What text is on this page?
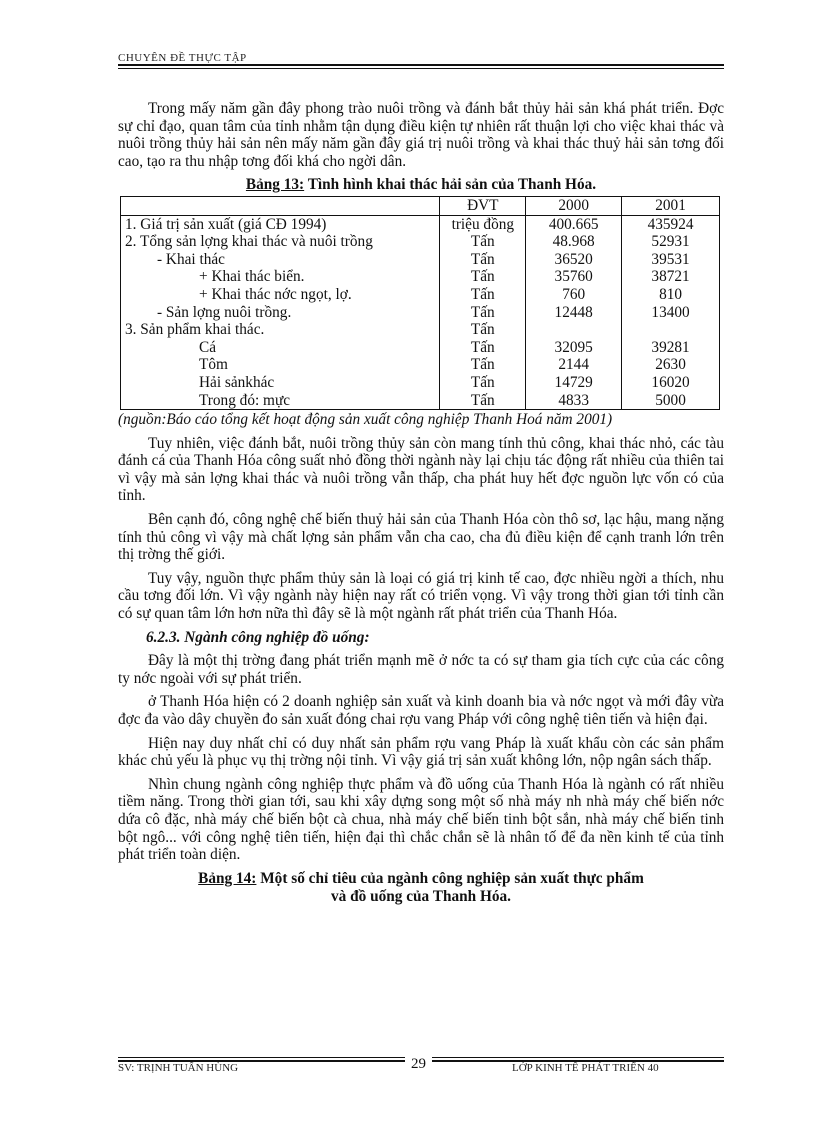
CHUYÊN ĐỀ THỰC TẬP

Trong mấy năm gần đây phong trào nuôi trồng và đánh bắt thủy hải sản khá phát triển. Đợc sự chỉ đạo, quan tâm của tỉnh nhằm tận dụng điều kiện tự nhiên rất thuận lợi cho việc khai thác và nuôi trồng thủy hải sản nên mấy năm gần đây giá trị nuôi trồng và khai thác thuỷ hải sản tơng đối cao, tạo ra thu nhập tơng đối khá cho ngời dân.

Bảng 13: Tình hình khai thác hải sản của Thanh Hóa.
	ĐVT	2000	2001
1. Giá trị sản xuất (giá CĐ 1994)	triệu đồng	400.665	435924
2. Tổng sản lợng khai thác và nuôi trồng	Tấn	48.968	52931
- Khai thác	Tấn	36520	39531
+ Khai thác biển.	Tấn	35760	38721
+ Khai thác nớc ngọt, lợ.	Tấn	760	810
- Sản lợng nuôi trồng.	Tấn	12448	13400
3. Sản phẩm khai thác.	Tấn		
Cá	Tấn	32095	39281
Tôm	Tấn	2144	2630
Hải sảnkhác	Tấn	14729	16020
Trong đó: mực	Tấn	4833	5000
(nguồn:Báo cáo tổng kết hoạt động sản xuất công nghiệp Thanh Hoá năm 2001)

Tuy nhiên, việc đánh bắt, nuôi trồng thủy sản còn mang tính thủ công, khai thác nhỏ, các tàu đánh cá của Thanh Hóa công suất nhỏ đồng thời ngành này lại chịu tác động rất nhiều của thiên tai vì vậy mà sản lợng khai thác và nuôi trồng vẫn thấp, cha phát huy hết đợc nguồn lực vốn có của tỉnh.

Bên cạnh đó, công nghệ chế biến thuỷ hải sản của Thanh Hóa còn thô sơ, lạc hậu, mang nặng tính thủ công vì vậy mà chất lợng sản phẩm vẫn cha cao, cha đủ điều kiện để cạnh tranh lớn trên thị trờng thế giới.

Tuy vậy, nguồn thực phẩm thủy sản là loại có giá trị kinh tế cao, đợc nhiều ngời a thích, nhu cầu tơng đối lớn. Vì vậy ngành này hiện nay rất có triển vọng. Vì vậy trong thời gian tới tỉnh cần có sự quan tâm lớn hơn nữa thì đây sẽ là một ngành rất phát triển của Thanh Hóa.

6.2.3. Ngành công nghiệp đồ uống:

Đây là một thị trờng đang phát triển mạnh mẽ ở nớc ta có sự tham gia tích cực của các công ty nớc ngoài với sự phát triển.

ở Thanh Hóa hiện có 2 doanh nghiệp sản xuất và kinh doanh bia và nớc ngọt và mới đây vừa đợc đa vào dây chuyền đo sản xuất đóng chai rợu vang Pháp với công nghệ tiên tiến và hiện đại.

Hiện nay duy nhất chỉ có duy nhất sản phẩm rợu vang Pháp là xuất khẩu còn các sản phẩm khác chủ yếu là phục vụ thị trờng nội tỉnh. Vì vậy giá trị sản xuất không lớn, nộp ngân sách thấp.

Nhìn chung ngành công nghiệp thực phẩm và đồ uống của Thanh Hóa là ngành có rất nhiều tiềm năng. Trong thời gian tới, sau khi xây dựng song một số nhà máy nh nhà máy chế biến nớc dứa cô đặc, nhà máy chế biến bột cà chua, nhà máy chế biến tinh bột sắn, nhà máy chế biến tinh bột ngô... với công nghệ tiên tiến, hiện đại thì chắc chắn sẽ là nhân tố để đa nền kinh tế của tỉnh phát triển toàn diện.

Bảng 14: Một số chỉ tiêu của ngành công nghiệp sản xuất thực phẩm
và đồ uống của Thanh Hóa.
SV: TRỊNH TUẤN HÙNG	29	LỚP KINH TẾ PHÁT TRIỂN 40
